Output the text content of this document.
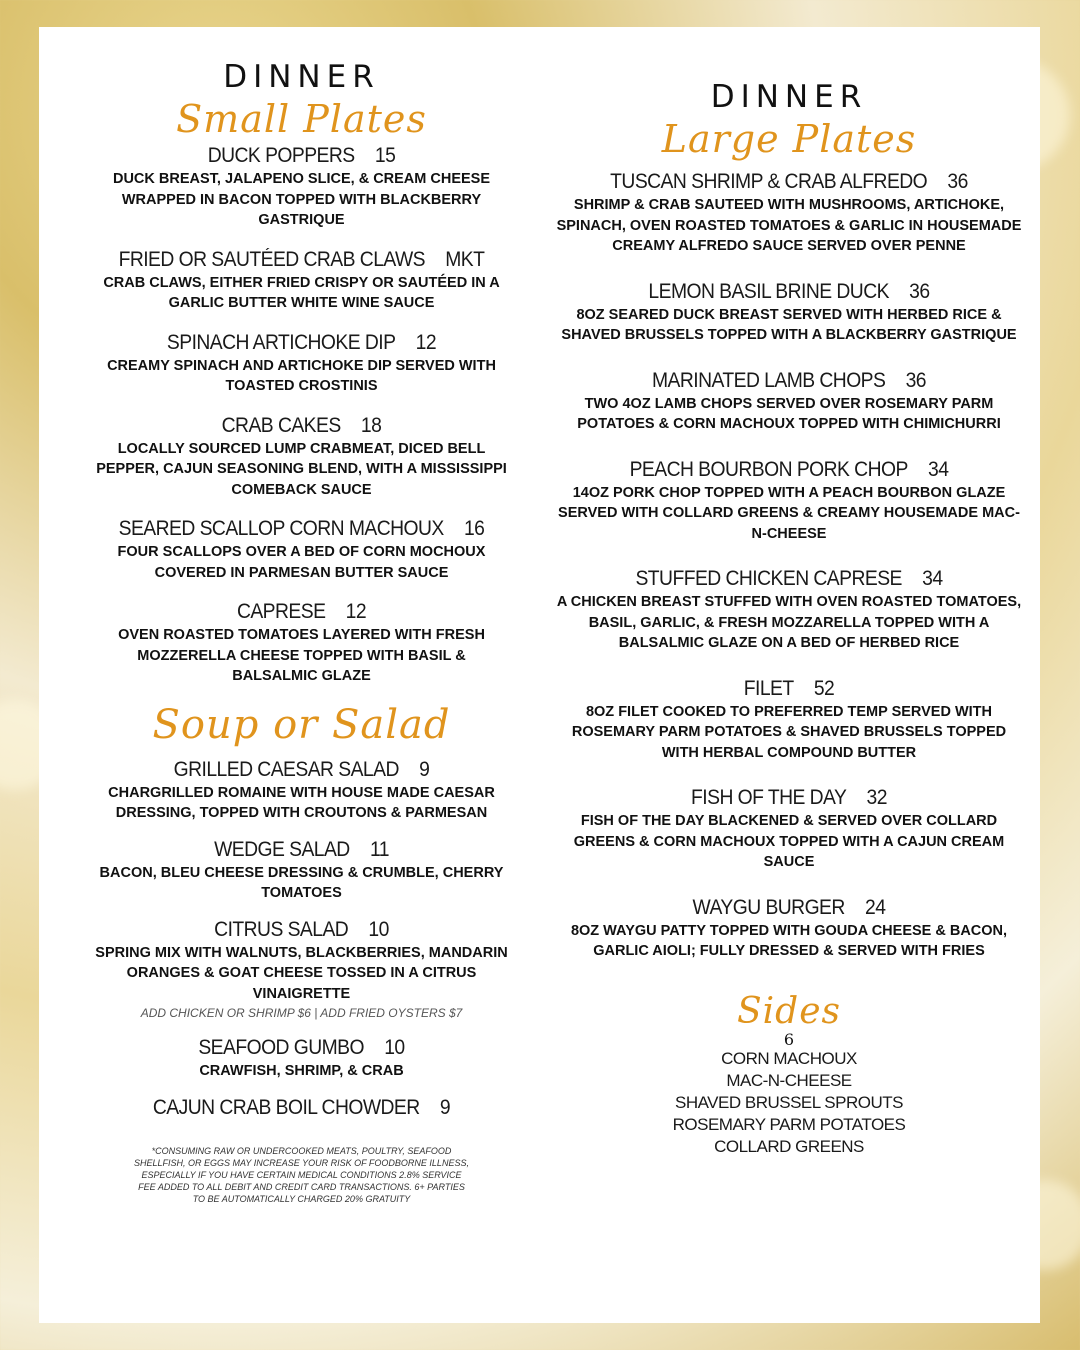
DINNER
Small Plates
DUCK POPPERS 15
DUCK BREAST, JALAPENO SLICE, & CREAM CHEESE WRAPPED IN BACON TOPPED WITH BLACKBERRY GASTRIQUE
FRIED OR SAUTÉED CRAB CLAWS MKT
CRAB CLAWS, EITHER FRIED CRISPY OR SAUTÉED IN A GARLIC BUTTER WHITE WINE SAUCE
SPINACH ARTICHOKE DIP 12
CREAMY SPINACH AND ARTICHOKE DIP SERVED WITH TOASTED CROSTINIS
CRAB CAKES 18
LOCALLY SOURCED LUMP CRABMEAT, DICED BELL PEPPER, CAJUN SEASONING BLEND, WITH A MISSISSIPPI COMEBACK SAUCE
SEARED SCALLOP CORN MACHOUX 16
FOUR SCALLOPS OVER A BED OF CORN MOCHOUX COVERED IN PARMESAN BUTTER SAUCE
CAPRESE 12
OVEN ROASTED TOMATOES LAYERED WITH FRESH MOZZERELLA CHEESE TOPPED WITH BASIL & BALSALMIC GLAZE
Soup or Salad
GRILLED CAESAR SALAD 9
CHARGRILLED ROMAINE WITH HOUSE MADE CAESAR DRESSING, TOPPED WITH CROUTONS & PARMESAN
WEDGE SALAD 11
BACON, BLEU CHEESE DRESSING & CRUMBLE, CHERRY TOMATOES
CITRUS SALAD 10
SPRING MIX WITH WALNUTS, BLACKBERRIES, MANDARIN ORANGES & GOAT CHEESE TOSSED IN A CITRUS VINAIGRETTE
ADD CHICKEN OR SHRIMP $6 | ADD FRIED OYSTERS $7
SEAFOOD GUMBO 10
CRAWFISH, SHRIMP, & CRAB
CAJUN CRAB BOIL CHOWDER 9
*CONSUMING RAW OR UNDERCOOKED MEATS, POULTRY, SEAFOOD SHELLFISH, OR EGGS MAY INCREASE YOUR RISK OF FOODBORNE ILLNESS, ESPECIALLY IF YOU HAVE CERTAIN MEDICAL CONDITIONS 2.8% SERVICE FEE ADDED TO ALL DEBIT AND CREDIT CARD TRANSACTIONS. 6+ PARTIES TO BE AUTOMATICALLY CHARGED 20% GRATUITY
DINNER
Large Plates
TUSCAN SHRIMP & CRAB ALFREDO 36
SHRIMP & CRAB SAUTEED WITH MUSHROOMS, ARTICHOKE, SPINACH, OVEN ROASTED TOMATOES & GARLIC IN HOUSEMADE CREAMY ALFREDO SAUCE SERVED OVER PENNE
LEMON BASIL BRINE DUCK 36
8OZ SEARED DUCK BREAST SERVED WITH HERBED RICE & SHAVED BRUSSELS TOPPED WITH A BLACKBERRY GASTRIQUE
MARINATED LAMB CHOPS 36
TWO 4OZ LAMB CHOPS SERVED OVER ROSEMARY PARM POTATOES & CORN MACHOUX TOPPED WITH CHIMICHURRI
PEACH BOURBON PORK CHOP 34
14OZ PORK CHOP TOPPED WITH A PEACH BOURBON GLAZE SERVED WITH COLLARD GREENS & CREAMY HOUSEMADE MAC-N-CHEESE
STUFFED CHICKEN CAPRESE 34
A CHICKEN BREAST STUFFED WITH OVEN ROASTED TOMATOES, BASIL, GARLIC, & FRESH MOZZARELLA TOPPED WITH A BALSALMIC GLAZE ON A BED OF HERBED RICE
FILET 52
8OZ FILET COOKED TO PREFERRED TEMP SERVED WITH ROSEMARY PARM POTATOES & SHAVED BRUSSELS TOPPED WITH HERBAL COMPOUND BUTTER
FISH OF THE DAY 32
FISH OF THE DAY BLACKENED & SERVED OVER COLLARD GREENS & CORN MACHOUX TOPPED WITH A CAJUN CREAM SAUCE
WAYGU BURGER 24
8OZ WAYGU PATTY TOPPED WITH GOUDA CHEESE & BACON, GARLIC AIOLI; FULLY DRESSED & SERVED WITH FRIES
Sides
6
CORN MACHOUX
MAC-N-CHEESE
SHAVED BRUSSEL SPROUTS
ROSEMARY PARM POTATOES
COLLARD GREENS
